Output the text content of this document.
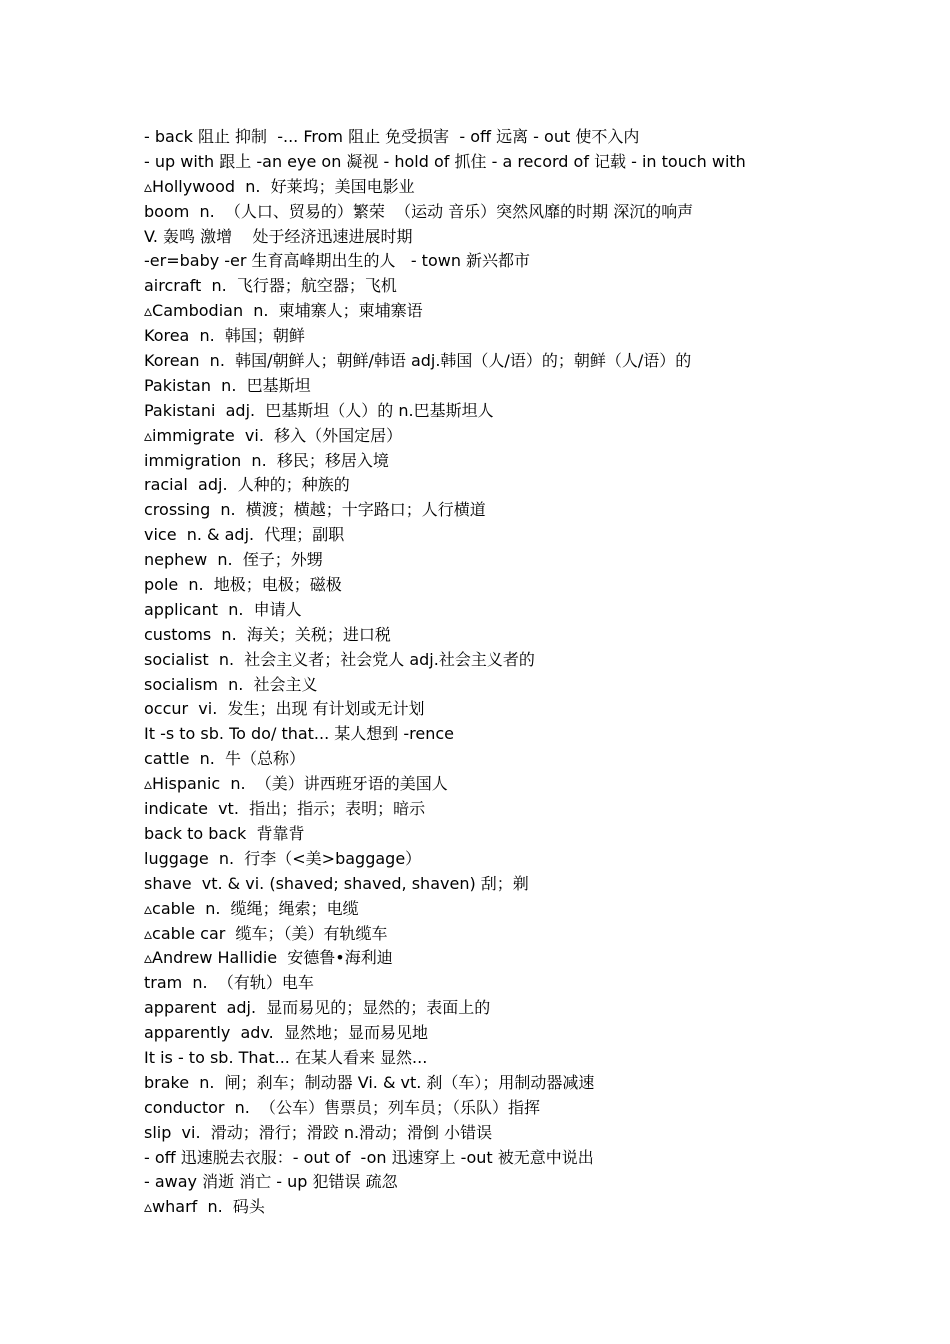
- back 阻止 抑制  -... From 阻止 免受损害  - off 远离 - out 使不入内
- up with 跟上 -an eye on 凝视 - hold of 抓住 - a record of 记载 - in touch with
▵Hollywood  n.  好莱坞；美国电影业
boom  n.  （人口、贸易的）繁荣  （运动 音乐）突然风靡的时期 深沉的响声
V. 轰鸣 激增    处于经济迅速进展时期
-er=baby -er 生育高峰期出生的人   - town 新兴都市
aircraft  n.  飞行器；航空器；飞机
▵Cambodian  n.  柬埔寨人；柬埔寨语
Korea  n.  韩国；朝鲜
Korean  n.  韩国/朝鲜人；朝鲜/韩语 adj.韩国（人/语）的；朝鲜（人/语）的
Pakistan  n.  巴基斯坦
Pakistani  adj.  巴基斯坦（人）的 n.巴基斯坦人
▵immigrate  vi.  移入（外国定居）
immigration  n.  移民；移居入境
racial  adj.  人种的；种族的
crossing  n.  横渡；横越；十字路口；人行横道
vice  n. & adj.  代理；副职
nephew  n.  侄子；外甥
pole  n.  地极；电极；磁极
applicant  n.  申请人
customs  n.  海关；关税；进口税
socialist  n.  社会主义者；社会党人 adj.社会主义者的
socialism  n.  社会主义
occur  vi.  发生；出现 有计划或无计划
It -s to sb. To do/ that... 某人想到 -rence
cattle  n.  牛（总称）
▵Hispanic  n.  （美）讲西班牙语的美国人
indicate  vt.  指出；指示；表明；暗示
back to back  背靠背
luggage  n.  行李（<美>baggage）
shave  vt. & vi. (shaved; shaved, shaven) 刮；剃
▵cable  n.  缆绳；绳索；电缆
▵cable car  缆车；（美）有轨缆车
▵Andrew Hallidie  安德鲁•海利迪
tram  n.  （有轨）电车
apparent  adj.  显而易见的；显然的；表面上的
apparently  adv.  显然地；显而易见地
It is - to sb. That... 在某人看来 显然...
brake  n.  闸；刹车；制动器 Vi. & vt. 刹（车）；用制动器减速
conductor  n.  （公车）售票员；列车员；（乐队）指挥
slip  vi.  滑动；滑行；滑跤 n.滑动；滑倒 小错误
- off 迅速脱去衣服：- out of  -on 迅速穿上 -out 被无意中说出
- away 消逝 消亡 - up 犯错误 疏忽
▵wharf  n.  码头
